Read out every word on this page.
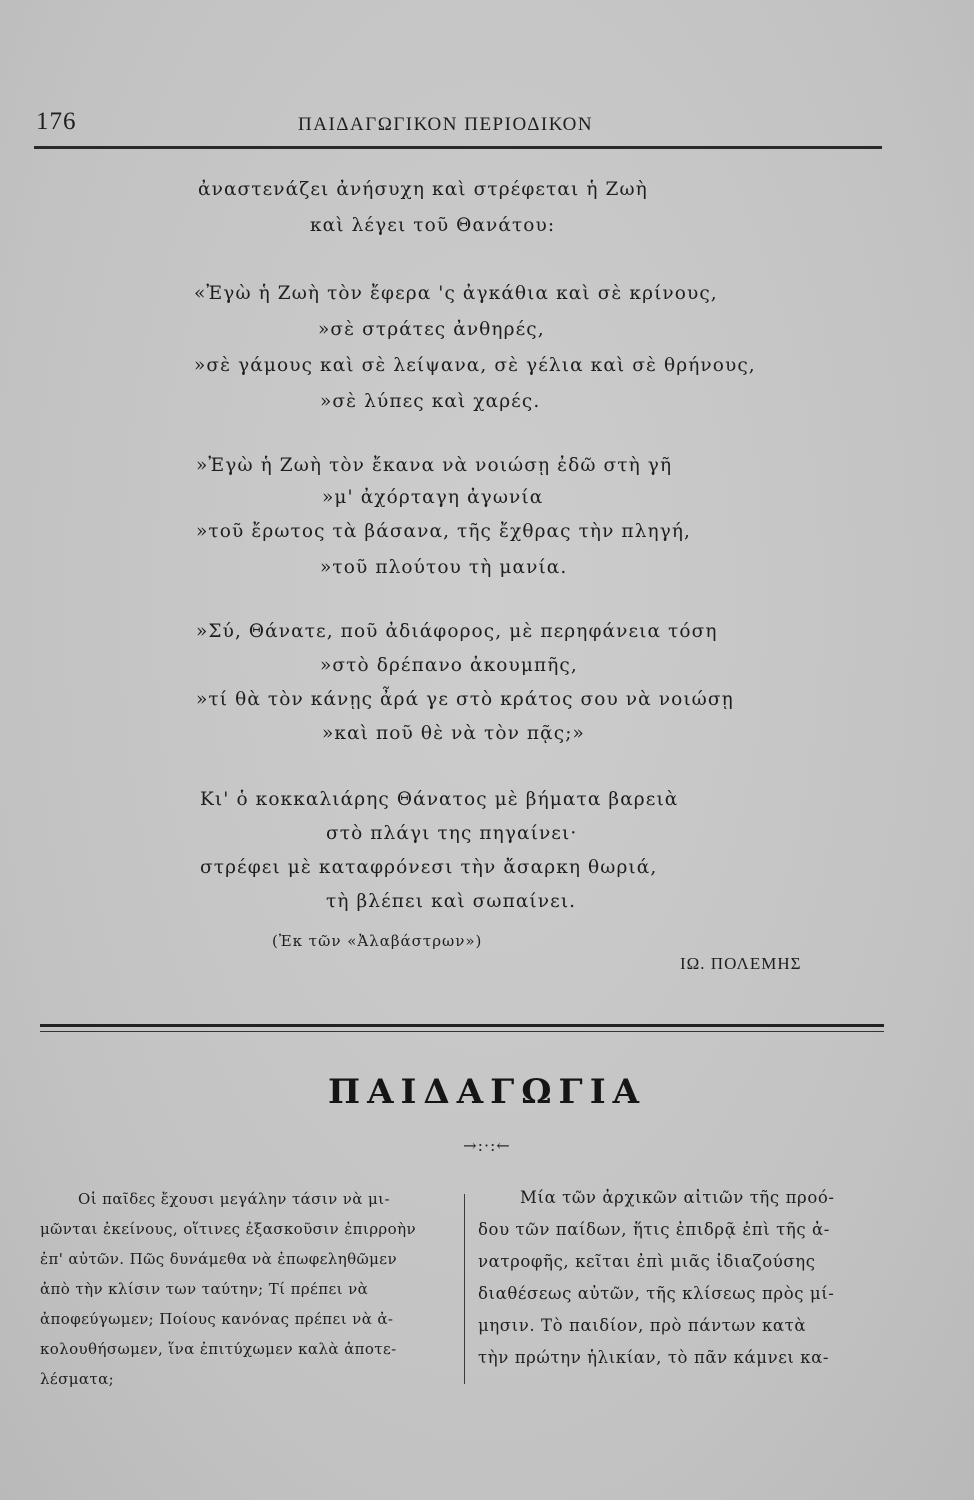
176	ΠΑΙΔΑΓΩΓΙΚΟΝ ΠΕΡΙΟΔΙΚΟΝ
ἀναστενάζει ἀνήσυχη καὶ στρέφεται ἡ Ζωὴ
καὶ λέγει τοῦ Θανάτου:
«Ἐγὼ ἡ Ζωὴ τὸν ἔφερα 'ς ἀγκάθια καὶ σὲ κρίνους,
»σὲ στράτες ἀνθηρές,
»σὲ γάμους καὶ σὲ λείψανα, σὲ γέλια καὶ σὲ θρήνους,
»σὲ λύπες καὶ χαρές.
»Ἐγὼ ἡ Ζωὴ τὸν ἔκανα νὰ νοιώσῃ ἐδῶ στὴ γῆ
»μ' ἀχόρταγη ἀγωνία
»τοῦ ἔρωτος τὰ βάσανα, τῆς ἔχθρας τὴν πληγή,
»τοῦ πλούτου τὴ μανία.
»Σύ, Θάνατε, ποῦ ἀδιάφορος, μὲ περηφάνεια τόση
»στὸ δρέπανο ἀκουμπῆς,
»τί θὰ τὸν κάνῃς ἆρά γε στὸ κράτος σου νὰ νοιώσῃ
»καὶ ποῦ θὲ νὰ τὸν πᾷς;»
Κι' ὁ κοκκαλιάρης Θάνατος μὲ βήματα βαρειὰ
στὸ πλάγι της πηγαίνει·
στρέφει μὲ καταφρόνεσι τὴν ἄσαρκη θωριά,
τὴ βλέπει καὶ σωπαίνει.
(Ἐκ τῶν «Ἀλαβάστρων»)
ΙΩ. ΠΟΛΕΜΗΣ
ΠΑΙΔΑΓΩΓΙΑ
→:·:←
Οἱ παῖδες ἔχουσι μεγάλην τάσιν νὰ μι-
μῶνται ἐκείνους, οἵτινες ἐξασκοῦσιν ἐπιρροὴν
ἐπ' αὐτῶν. Πῶς δυνάμεθα νὰ ἐπωφεληθῶμεν
ἀπὸ τὴν κλίσιν των ταύτην; Τί πρέπει νὰ
ἀποφεύγωμεν; Ποίους κανόνας πρέπει νὰ ἀ-
κολουθήσωμεν, ἵνα ἐπιτύχωμεν καλὰ ἀποτε-
λέσματα;
Μία τῶν ἀρχικῶν αἰτιῶν τῆς προό-
δου τῶν παίδων, ἥτις ἐπιδρᾷ ἐπὶ τῆς ἀ-
νατροφῆς, κεῖται ἐπὶ μιᾶς ἰδιαζούσης
διαθέσεως αὐτῶν, τῆς κλίσεως πρὸς μί-
μησιν. Τὸ παιδίον, πρὸ πάντων κατὰ
τὴν πρώτην ἡλικίαν, τὸ πᾶν κάμνει κα-
